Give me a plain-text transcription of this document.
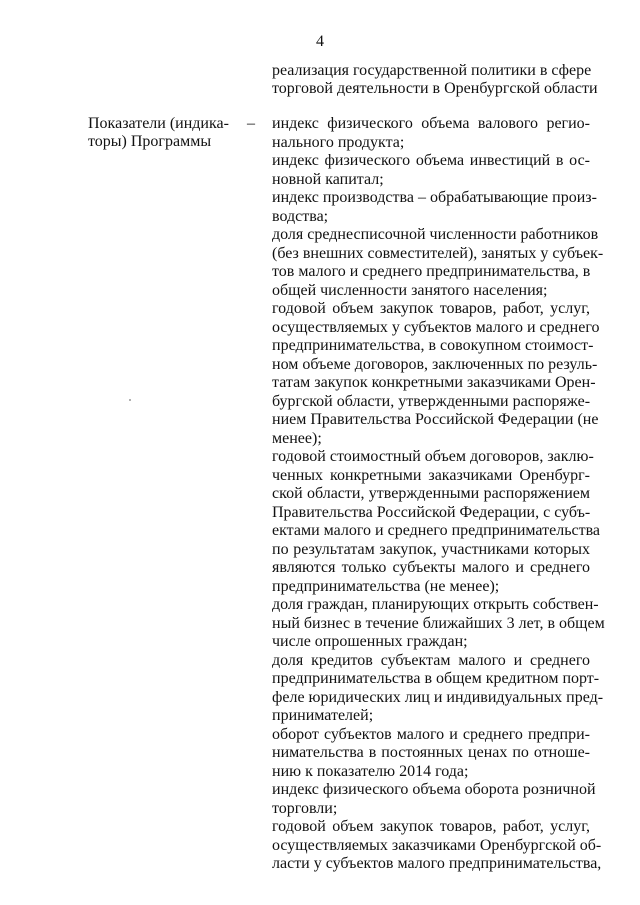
4
реализация государственной политики в сфере
торговой деятельности в Оренбургской области
Показатели (индика-
торы) Программы
– индекс физического объема валового регио-
нального продукта;
индекс физического объема инвестиций в ос-
новной капитал;
индекс производства – обрабатывающие произ-
водства;
доля среднесписочной численности работников
(без внешних совместителей), занятых у субъек-
тов малого и среднего предпринимательства, в
общей численности занятого населения;
годовой объем закупок товаров, работ, услуг,
осуществляемых у субъектов малого и среднего
предпринимательства, в совокупном стоимост-
ном объеме договоров, заключенных по резуль-
татам закупок конкретными заказчиками Орен-
бургской области, утвержденными распоряже-
нием Правительства Российской Федерации (не
менее);
годовой стоимостный объем договоров, заклю-
ченных конкретными заказчиками Оренбург-
ской области, утвержденными распоряжением
Правительства Российской Федерации, с субъ-
ектами малого и среднего предпринимательства
по результатам закупок, участниками которых
являются только субъекты малого и среднего
предпринимательства (не менее);
доля граждан, планирующих открыть собствен-
ный бизнес в течение ближайших 3 лет, в общем
числе опрошенных граждан;
доля кредитов субъектам малого и среднего
предпринимательства в общем кредитном порт-
феле юридических лиц и индивидуальных пред-
принимателей;
оборот субъектов малого и среднего предпри-
нимательства в постоянных ценах по отноше-
нию к показателю 2014 года;
индекс физического объема оборота розничной
торговли;
годовой объем закупок товаров, работ, услуг,
осуществляемых заказчиками Оренбургской об-
ласти у субъектов малого предпринимательства,
